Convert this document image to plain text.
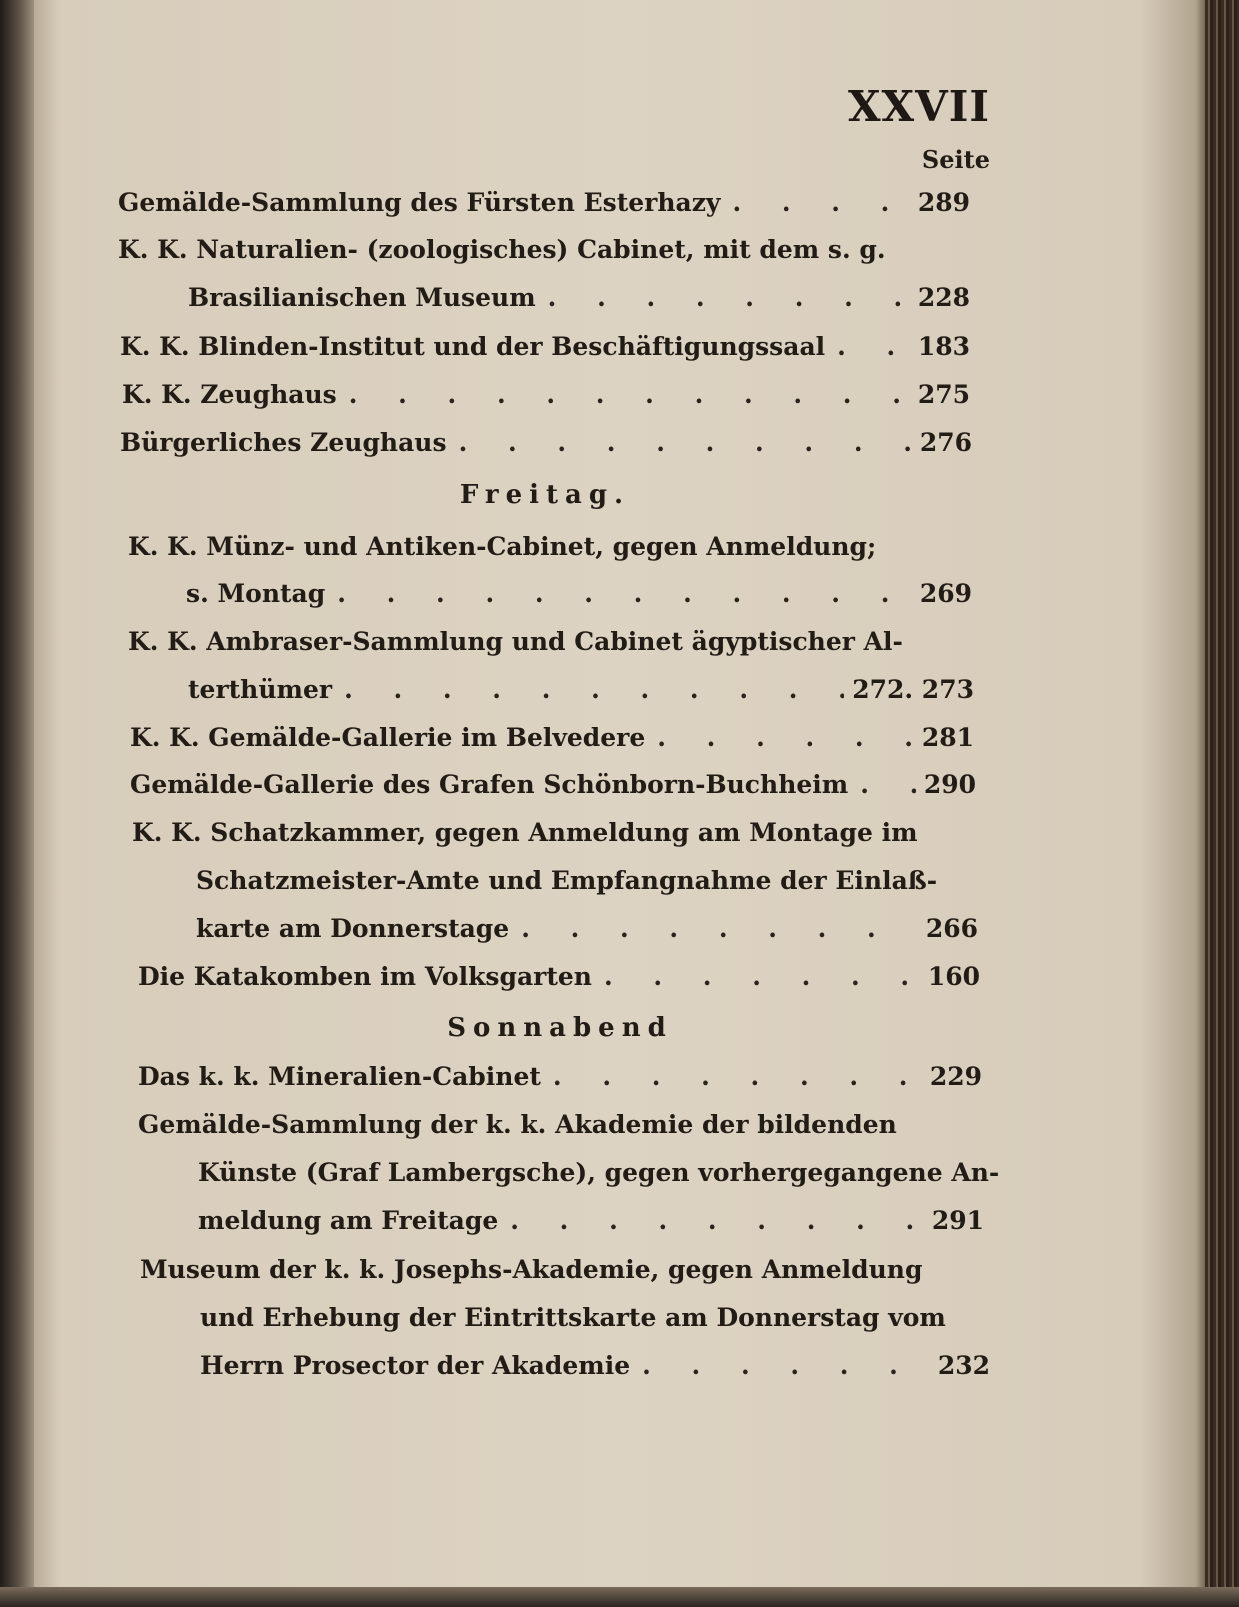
XXVII
Seite
Gemälde-Sammlung des Fürsten Esterhazy . . .	289
K. K. Naturalien- (zoologisches) Cabinet, mit dem s. g.
Brasilianischen Museum . . .	228
K. K. Blinden-Institut und der Beschäftigungssaal . . .	183
K. K. Zeughaus . . .	275
Bürgerliches Zeughaus . . .	276
Freitag.
K. K. Münz- und Antiken-Cabinet, gegen Anmeldung;
s. Montag . . .	269
K. K. Ambraser-Sammlung und Cabinet ägyptischer Al-
terthümer . . .	272. 273
K. K. Gemälde-Gallerie im Belvedere . . .	281
Gemälde-Gallerie des Grafen Schönborn-Buchheim . . .	290
K. K. Schatzkammer, gegen Anmeldung am Montage im
Schatzmeister-Amte und Empfangnahme der Einlaß-
karte am Donnerstage . . .	266
Die Katakomben im Volksgarten . . .	160
Sonnabend
Das k. k. Mineralien-Cabinet . . .	229
Gemälde-Sammlung der k. k. Akademie der bildenden
Künste (Graf Lambergsche), gegen vorhergegangene An-
meldung am Freitage . . .	291
Museum der k. k. Josephs-Akademie, gegen Anmeldung
und Erhebung der Eintrittskarte am Donnerstag vom
Herrn Prosector der Akademie . . .	232
